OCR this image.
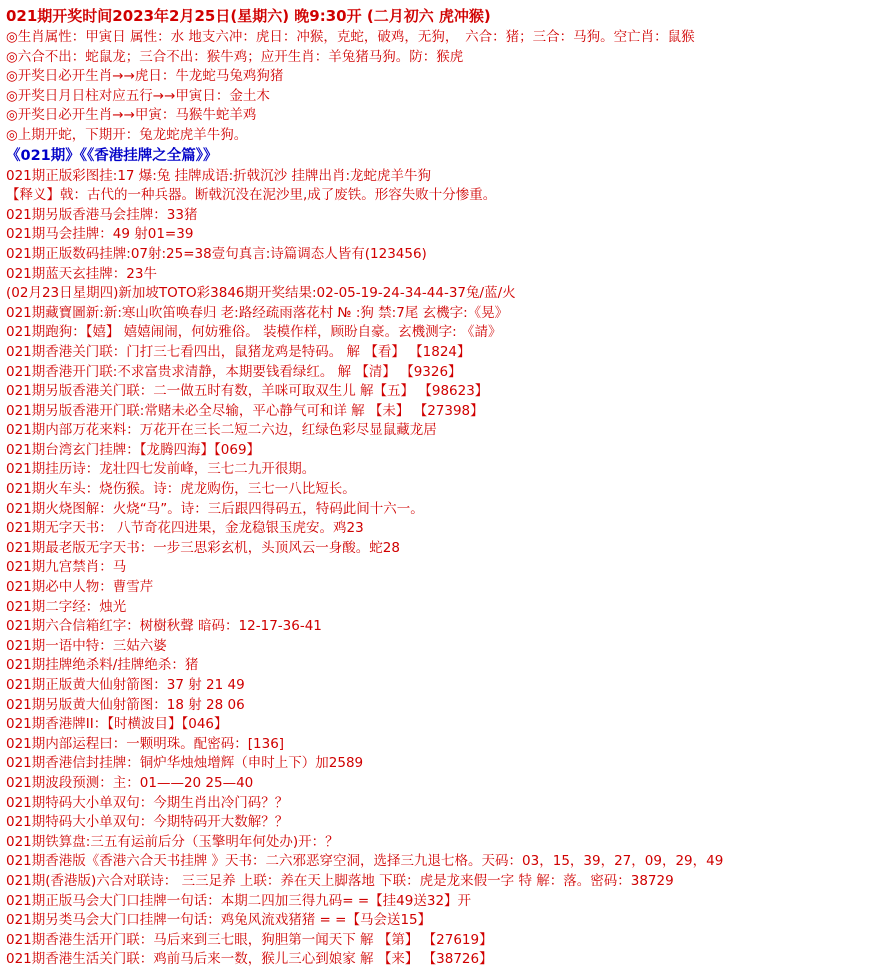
021期开奖时间2023年2月25日(星期六) 晚9:30开 (二月初六 虎冲猴)
◎生肖属性：甲寅日 属性：水 地支六冲：虎日：冲猴，克蛇，破鸡，无狗，　六合：猪；三合：马狗。空亡肖：鼠猴
◎六合不出：蛇鼠龙；三合不出：猴牛鸡；应开生肖：羊兔猪马狗。防：猴虎
◎开奖日必开生肖→→虎日：牛龙蛇马兔鸡狗猪
◎开奖日月日柱对应五行→→甲寅日：金土木
◎开奖日必开生肖→→甲寅：马猴牛蛇羊鸡
◎上期开蛇，下期开：兔龙蛇虎羊牛狗。
《021期》《《香港挂牌之全篇》》
021期正版彩图挂:17 爆:兔 挂牌成语:折戟沉沙 挂牌出肖:龙蛇虎羊牛狗
【释义】戟：古代的一种兵器。断戟沉没在泥沙里,成了废铁。形容失败十分惨重。
021期另版香港马会挂牌：33猪
021期马会挂牌：49 射01=39
021期正版数码挂牌:07射:25=38壹句真言:诗篇调态人皆有(123456)
021期蓝天玄挂牌：23牛
(02月23日星期四)新加坡TOTO彩3846期开奖结果:02-05-19-24-34-44-37兔/蓝/火
021期藏寶圖新:新:寒山吹笛唤春归 老:路经疏雨落花村 № :狗 禁:7尾 玄機字:《晃》
021期跑狗：【嬉】 嬉嬉闹闹，何妨雅俗。 装模作样，顾盼自豪。玄機测字: 《請》
021期香港关门联：门打三七看四出，鼠猪龙鸡是特码。 解 【看】 【1824】
021期香港开门联:不求富贵求清静，本期要钱看绿红。 解 【清】 【9326】
021期另版香港关门联：二一做五时有数，羊咪可取双生儿 解【五】 【98623】
021期另版香港开门联:常赌未必全尽输，平心静气可和详 解 【未】 【27398】
021期内部万花来料：万花开在三长二短二六边，红绿色彩尽显鼠藏龙居
021期台湾玄门挂牌：【龙腾四海】【069】
021期挂历诗：龙壮四七发前峰，三七二九开很期。
021期火车头：烧伤猴。诗：虎龙购伤，三七一八比短长。
021期火烧图解：火烧“马”。诗：三后跟四得码五，特码此间十六一。
021期无字天书： 八节奇花四进果，金龙稳银玉虎安。鸡23
021期最老版无字天书：一步三思彩玄机，头顶风云一身酸。蛇28
021期九宫禁肖：马
021期必中人物：曹雪芹
021期二字经：烛光
021期六合信箱红字：树樹秋聲 暗码：12-17-36-41
021期一语中特：三姑六婆
021期挂牌绝杀料/挂牌绝杀：猪
021期正版黄大仙射箭图：37 射 21 49
021期另版黄大仙射箭图：18 射 28 06
021期香港牌II：【时横波目】【046】
021期内部运程曰：一颗明珠。配密码：[136]
021期香港信封挂牌：铜炉华烛烛增辉（申时上下）加2589
021期波段预测：主：01——20 25—40
021期特码大小单双句：今期生肖出冷门码？？
021期特码大小单双句：今期特码开大数解？？
021期铁算盘:三五有运前后分（玉擎明年何处办)开：？
021期香港版《香港六合天书挂牌 》天书：二六邪恶穿空洞，选择三九退七格。天码：03，15，39，27，09，29，49
021期(香港版)六合对联诗： 三三足养 上联：养在天上脚落地 下联：虎是龙来假一字 特 解：落。密码：38729
021期正版马会大门口挂牌一句话：本期二四加三得九码= =【挂49送32】开
021期另类马会大门口挂牌一句话：鸡兔风流戏猪猪 = =【马会送15】
021期香港生活开门联：马后来到三七眼，狗胆第一闻天下 解 【第】 【27619】
021期香港生活关门联：鸡前马后来一数，猴儿三心到娘家 解 【来】 【38726】
